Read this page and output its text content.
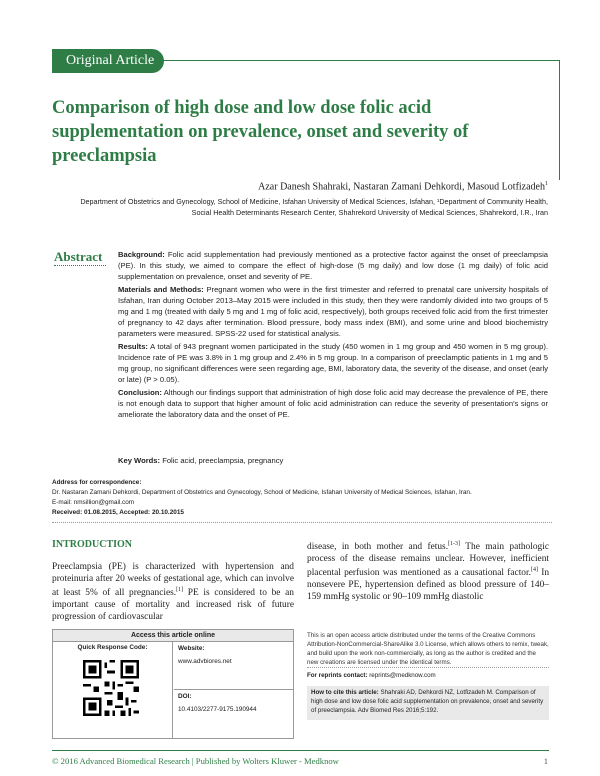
Original Article
Comparison of high dose and low dose folic acid supplementation on prevalence, onset and severity of preeclampsia
Azar Danesh Shahraki, Nastaran Zamani Dehkordi, Masoud Lotfizadeh$^1$
Department of Obstetrics and Gynecology, School of Medicine, Isfahan University of Medical Sciences, Isfahan, ¹Department of Community Health, Social Health Determinants Research Center, Shahrekord University of Medical Sciences, Shahrekord, I.R., Iran
Abstract Background: Folic acid supplementation had previously mentioned as a protective factor against the onset of preeclampsia (PE). In this study, we aimed to compare the effect of high-dose (5 mg daily) and low dose (1 mg daily) of folic acid supplementation on prevalence, onset and severity of PE.

Materials and Methods: Pregnant women who were in the first trimester and referred to prenatal care university hospitals of Isfahan, Iran during October 2013–May 2015 were included in this study, then they were randomly divided into two groups of 5 mg and 1 mg (treated with daily 5 mg and 1 mg of folic acid, respectively), both groups received folic acid from the first trimester of pregnancy to 42 days after termination. Blood pressure, body mass index (BMI), and some urine and blood biochemistry parameters were measured. SPSS-22 used for statistical analysis.

Results: A total of 943 pregnant women participated in the study (450 women in 1 mg group and 450 women in 5 mg group). Incidence rate of PE was 3.8% in 1 mg group and 2.4% in 5 mg group. In a comparison of preeclamptic patients in 1 mg and 5 mg group, no significant differences were seen regarding age, BMI, laboratory data, the severity of the disease, and onset (early or late) (P > 0.05).

Conclusion: Although our findings support that administration of high dose folic acid may decrease the prevalence of PE, there is not enough data to support that higher amount of folic acid administration can reduce the severity of presentation's signs or ameliorate the laboratory data and the onset of PE.

Key Words: Folic acid, preeclampsia, pregnancy
Address for correspondence:
Dr. Nastaran Zamani Dehkordi, Department of Obstetrics and Gynecology, School of Medicine, Isfahan University of Medical Sciences, Isfahan, Iran.
E-mail: nmsillion@gmail.com
Received: 01.08.2015, Accepted: 20.10.2015
INTRODUCTION
Preeclampsia (PE) is characterized with hypertension and proteinuria after 20 weeks of gestational age, which can involve at least 5% of all pregnancies.[1] PE is considered to be an important cause of mortality and increased risk of future progression of cardiovascular
disease, in both mother and fetus.[1-3] The main pathologic process of the disease remains unclear. However, inefficient placental perfusion was mentioned as a causational factor.[4] In nonsevere PE, hypertension defined as blood pressure of 140–159 mmHg systolic or 90–109 mmHg diastolic
Access this article online
Quick Response Code:	Website:
www.advbiores.net
DOI:
10.4103/2277-9175.190944
This is an open access article distributed under the terms of the Creative Commons Attribution-NonCommercial-ShareAlike 3.0 License, which allows others to remix, tweak, and build upon the work non-commercially, as long as the author is credited and the new creations are licensed under the identical terms.
For reprints contact: reprints@medknow.com
How to cite this article: Shahraki AD, Dehkordi NZ, Lotfizadeh M. Comparison of high dose and low dose folic acid supplementation on prevalence, onset and severity of preeclampsia. Adv Biomed Res 2016;5:192.
© 2016 Advanced Biomedical Research | Published by Wolters Kluwer - Medknow	1
